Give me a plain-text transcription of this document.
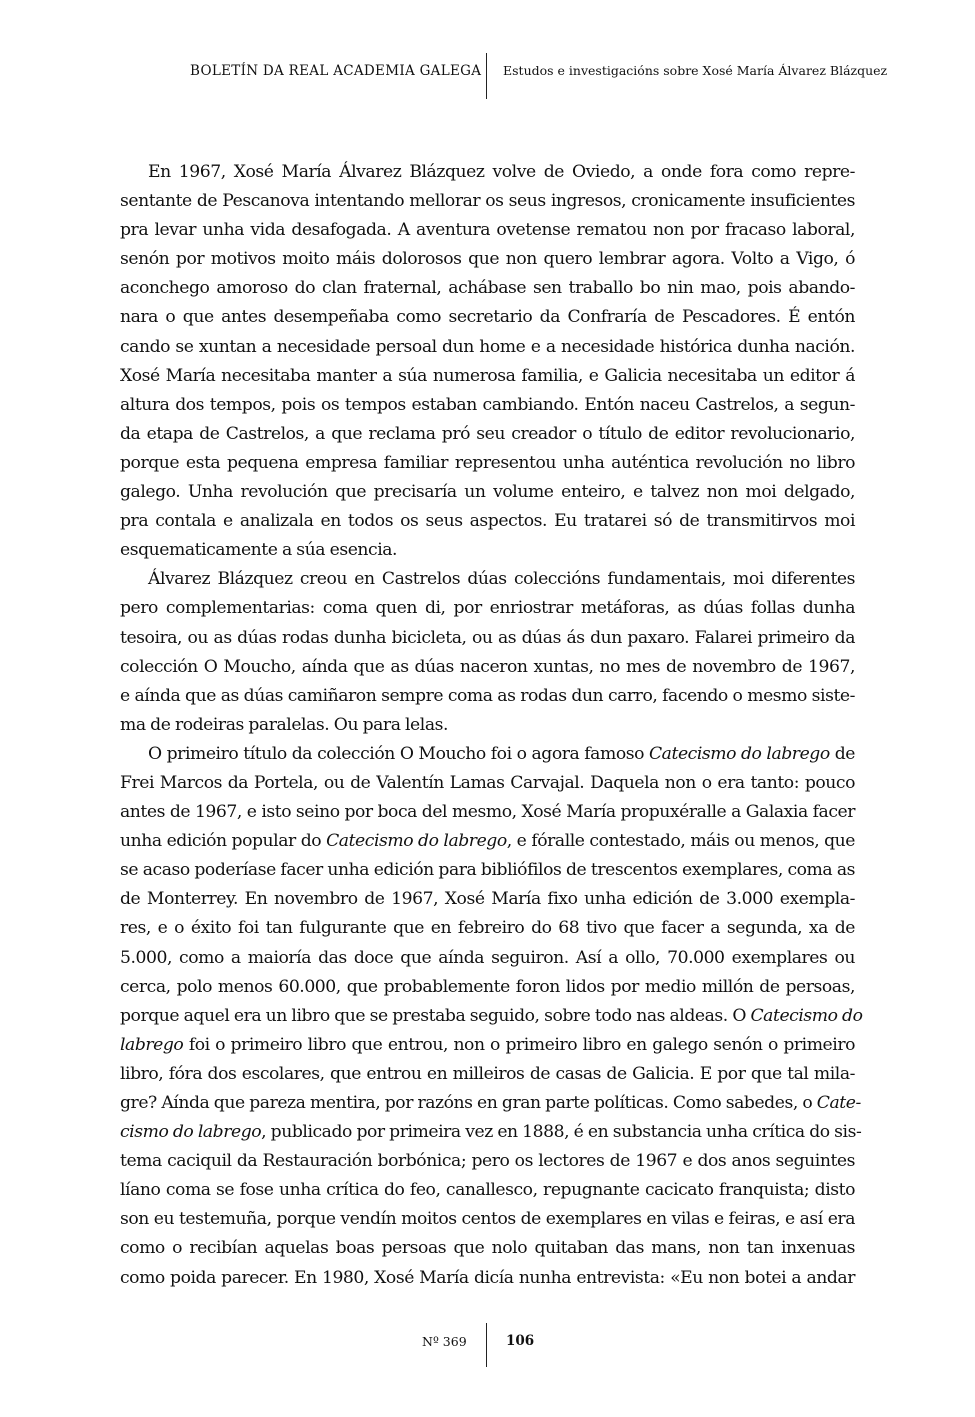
BOLETÍN DA REAL ACADEMIA GALEGA Estudos e investigacións sobre Xosé María Álvarez Blázquez
En 1967, Xosé María Álvarez Blázquez volve de Oviedo, a onde fora como repre-
sentante de Pescanova intentando mellorar os seus ingresos, cronicamente insuficientes
pra levar unha vida desafogada. A aventura ovetense rematou non por fracaso laboral,
senón por motivos moito máis dolorosos que non quero lembrar agora. Volto a Vigo, ó
aconchego amoroso do clan fraternal, achábase sen traballo bo nin mao, pois abando-
nara o que antes desempeñaba como secretario da Confraría de Pescadores. É entón
cando se xuntan a necesidade persoal dun home e a necesidade histórica dunha nación.
Xosé María necesitaba manter a súa numerosa familia, e Galicia necesitaba un editor á
altura dos tempos, pois os tempos estaban cambiando. Entón naceu Castrelos, a segun-
da etapa de Castrelos, a que reclama pró seu creador o título de editor revolucionario,
porque esta pequena empresa familiar representou unha auténtica revolución no libro
galego. Unha revolución que precisaría un volume enteiro, e talvez non moi delgado,
pra contala e analizala en todos os seus aspectos. Eu tratarei só de transmitirvos moi
esquematicamente a súa esencia.
Álvarez Blázquez creou en Castrelos dúas coleccións fundamentais, moi diferentes
pero complementarias: coma quen di, por enriostrar metáforas, as dúas follas dunha
tesoira, ou as dúas rodas dunha bicicleta, ou as dúas ás dun paxaro. Falarei primeiro da
colección O Moucho, aínda que as dúas naceron xuntas, no mes de novembro de 1967,
e aínda que as dúas camiñaron sempre coma as rodas dun carro, facendo o mesmo siste-
ma de rodeiras paralelas. Ou para lelas.
O primeiro título da colección O Moucho foi o agora famoso Catecismo do labrego de
Frei Marcos da Portela, ou de Valentín Lamas Carvajal. Daquela non o era tanto: pouco
antes de 1967, e isto seino por boca del mesmo, Xosé María propuxéralle a Galaxia facer
unha edición popular do Catecismo do labrego, e fóralle contestado, máis ou menos, que
se acaso poderíase facer unha edición para bibliófilos de trescentos exemplares, coma as
de Monterrey. En novembro de 1967, Xosé María fixo unha edición de 3.000 exempla-
res, e o éxito foi tan fulgurante que en febreiro do 68 tivo que facer a segunda, xa de
5.000, como a maioría das doce que aínda seguiron. Así a ollo, 70.000 exemplares ou
cerca, polo menos 60.000, que probablemente foron lidos por medio millón de persoas,
porque aquel era un libro que se prestaba seguido, sobre todo nas aldeas. O Catecismo do
labrego foi o primeiro libro que entrou, non o primeiro libro en galego senón o primeiro
libro, fóra dos escolares, que entrou en milleiros de casas de Galicia. E por que tal mila-
gre? Aínda que pareza mentira, por razóns en gran parte políticas. Como sabedes, o Cate-
cismo do labrego, publicado por primeira vez en 1888, é en substancia unha crítica do sis-
tema caciquil da Restauración borbónica; pero os lectores de 1967 e dos anos seguintes
líano coma se fose unha crítica do feo, canallesco, repugnante cacicato franquista; disto
son eu testemuña, porque vendín moitos centos de exemplares en vilas e feiras, e así era
como o recibían aquelas boas persoas que nolo quitaban das mans, non tan inxenuas
como poida parecer. En 1980, Xosé María dicía nunha entrevista: «Eu non botei a andar
Nº 369	106
